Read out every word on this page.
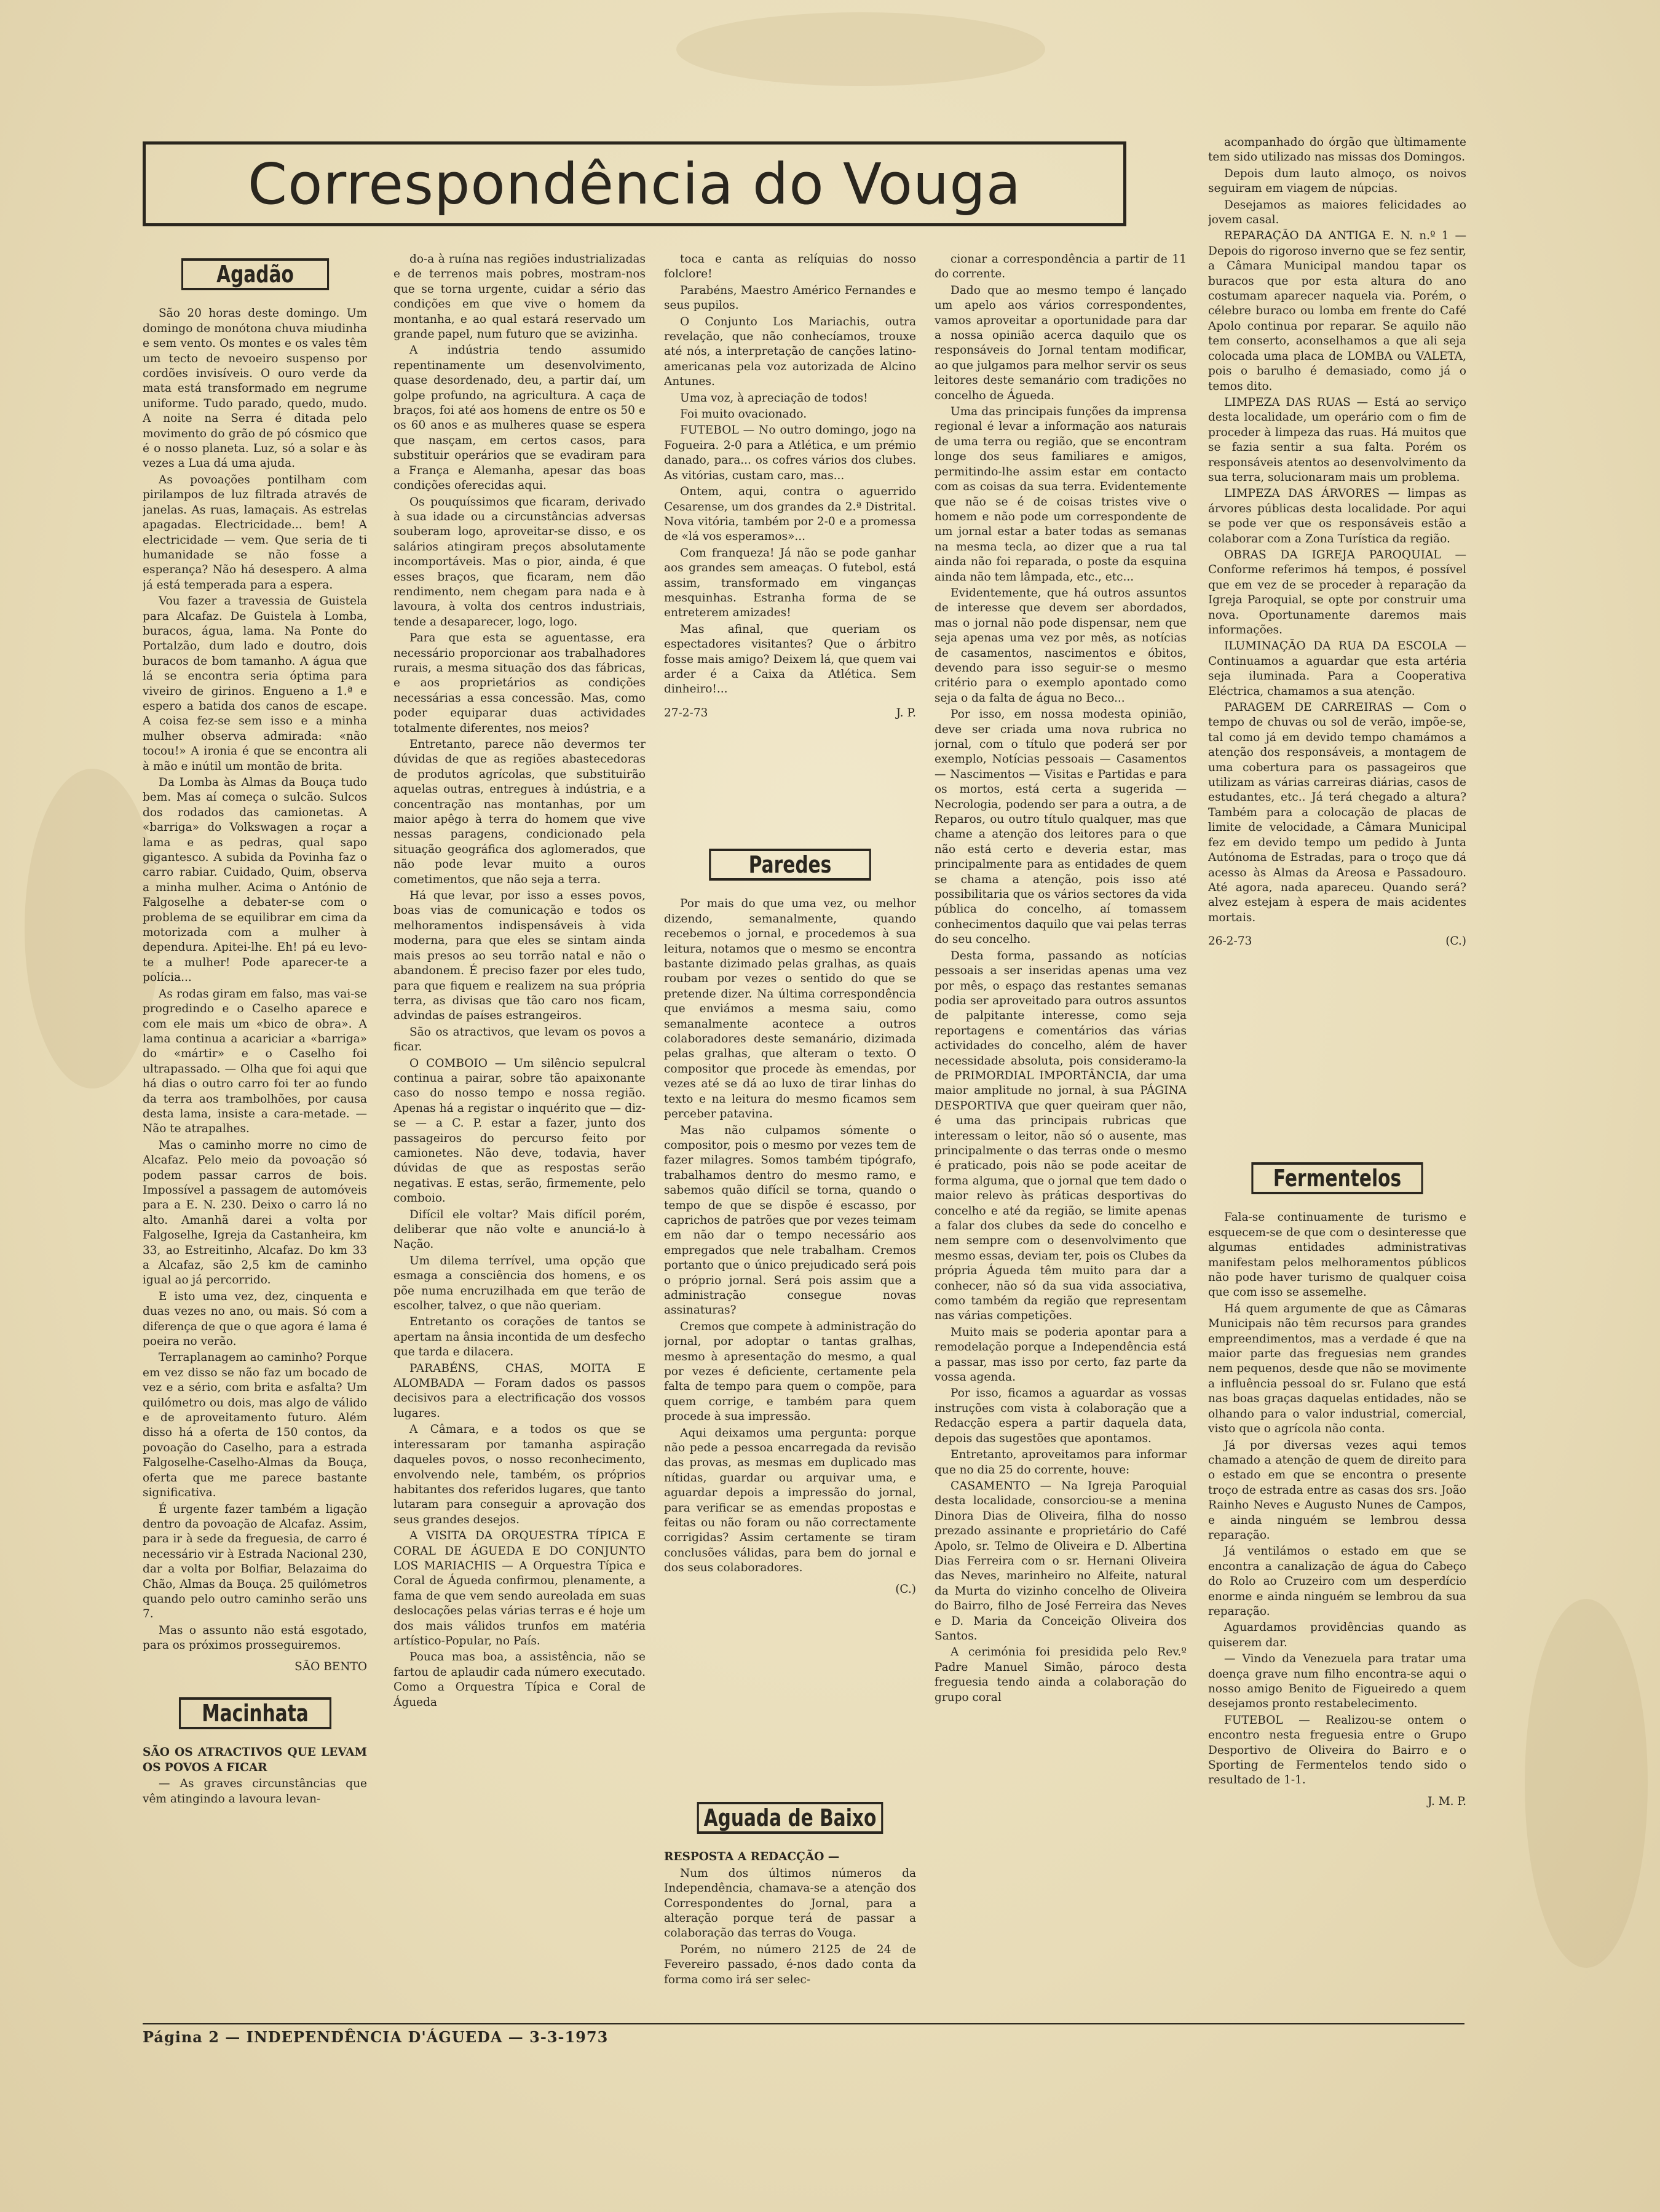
Correspondência do Vouga
Agadão

São 20 horas deste domingo. Um domingo de monótona chuva miudinha e sem vento. Os montes e os vales têm um tecto de nevoeiro suspenso por cordões invisíveis. O ouro verde da mata está transformado em negrume uniforme. Tudo parado, quedo, mudo. A noite na Serra é ditada pelo movimento do grão de pó cósmico que é o nosso planeta. Luz, só a solar e às vezes a Lua dá uma ajuda.

As povoações pontilham com pirilampos de luz filtrada através de janelas. As ruas, lamaçais. As estrelas apagadas. Electricidade... bem! A electricidade — vem. Que seria de ti humanidade se não fosse a esperança? Não há desespero. A alma já está temperada para a espera.

Vou fazer a travessia de Guistela para Alcafaz. De Guistela à Lomba, buracos, água, lama. Na Ponte do Portalzão, dum lado e doutro, dois buracos de bom tamanho. A água que lá se encontra seria óptima para viveiro de girinos. Engueno a 1.ª e espero a batida dos canos de escape. A coisa fez-se sem isso e a minha mulher observa admirada: «não tocou!» A ironia é que se encontra ali à mão e inútil um montão de brita.

Da Lomba às Almas da Bouça tudo bem. Mas aí começa o sulcão. Sulcos dos rodados das camionetas. A «barriga» do Volkswagen a roçar a lama e as pedras, qual sapo gigantesco. A subida da Povinha faz o carro rabiar. Cuidado, Quim, observa a minha mulher. Acima o António de Falgoselhe a debater-se com o problema de se equilibrar em cima da motorizada com a mulher à dependura. Apitei-lhe. Eh! pá eu levo-te a mulher! Pode aparecer-te a polícia...

As rodas giram em falso, mas vai-se progredindo e o Caselho aparece e com ele mais um «bico de obra». A lama continua a acariciar a «barriga» do «mártir» e o Caselho foi ultrapassado. — Olha que foi aqui que há dias o outro carro foi ter ao fundo da terra aos trambolhões, por causa desta lama, insiste a cara-metade. — Não te atrapalhes.

Mas o caminho morre no cimo de Alcafaz. Pelo meio da povoação só podem passar carros de bois. Impossível a passagem de automóveis para a E. N. 230. Deixo o carro lá no alto. Amanhã darei a volta por Falgoselhe, Igreja da Castanheira, km 33, ao Estreitinho, Alcafaz. Do km 33 a Alcafaz, são 2,5 km de caminho igual ao já percorrido.

E isto uma vez, dez, cinquenta e duas vezes no ano, ou mais. Só com a diferença de que o que agora é lama é poeira no verão.

Terraplanagem ao caminho? Porque em vez disso se não faz um bocado de vez e a sério, com brita e asfalta? Um quilómetro ou dois, mas algo de válido e de aproveitamento futuro. Além disso há a oferta de 150 contos, da povoação do Caselho, para a estrada Falgoselhe-Caselho-Almas da Bouça, oferta que me parece bastante significativa.

É urgente fazer também a ligação dentro da povoação de Alcafaz. Assim, para ir à sede da freguesia, de carro é necessário vir à Estrada Nacional 230, dar a volta por Bolfiar, Belazaima do Chão, Almas da Bouça. 25 quilómetros quando pelo outro caminho serão uns 7.

Mas o assunto não está esgotado, para os próximos prosseguiremos.

SÃO BENTO

Macinhata

SÃO OS ATRACTIVOS QUE LEVAM OS POVOS A FICAR

— As graves circunstâncias que vêm atingindo a lavoura levan-

do-a à ruína nas regiões industrializadas e de terrenos mais pobres, mostram-nos que se torna urgente, cuidar a sério das condições em que vive o homem da montanha, e ao qual estará reservado um grande papel, num futuro que se avizinha.

A indústria tendo assumido repentinamente um desenvolvimento, quase desordenado, deu, a partir daí, um golpe profundo, na agricultura. A caça de braços, foi até aos homens de entre os 50 e os 60 anos e as mulheres quase se espera que nasçam, em certos casos, para substituir operários que se evadiram para a França e Alemanha, apesar das boas condições oferecidas aqui.

Os pouquíssimos que ficaram, derivado à sua idade ou a circunstâncias adversas souberam logo, aproveitar-se disso, e os salários atingiram preços absolutamente incomportáveis. Mas o pior, ainda, é que esses braços, que ficaram, nem dão rendimento, nem chegam para nada e à lavoura, à volta dos centros industriais, tende a desaparecer, logo, logo.

Para que esta se aguentasse, era necessário proporcionar aos trabalhadores rurais, a mesma situação dos das fábricas, e aos proprietários as condições necessárias a essa concessão. Mas, como poder equiparar duas actividades totalmente diferentes, nos meios?

Entretanto, parece não devermos ter dúvidas de que as regiões abastecedoras de produtos agrícolas, que substituirão aquelas outras, entregues à indústria, e a concentração nas montanhas, por um maior apêgo à terra do homem que vive nessas paragens, condicionado pela situação geográfica dos aglomerados, que não pode levar muito a ouros cometimentos, que não seja a terra.

Há que levar, por isso a esses povos, boas vias de comunicação e todos os melhoramentos indispensáveis à vida moderna, para que eles se sintam ainda mais presos ao seu torrão natal e não o abandonem. É preciso fazer por eles tudo, para que fiquem e realizem na sua própria terra, as divisas que tão caro nos ficam, advindas de países estrangeiros.

São os atractivos, que levam os povos a ficar.

O COMBOIO — Um silêncio sepulcral continua a pairar, sobre tão apaixonante caso do nosso tempo e nossa região. Apenas há a registar o inquérito que — diz-se — a C. P. estar a fazer, junto dos passageiros do percurso feito por camionetes. Não deve, todavia, haver dúvidas de que as respostas serão negativas. E estas, serão, firmemente, pelo comboio.

Difícil ele voltar? Mais difícil porém, deliberar que não volte e anunciá-lo à Nação.

Um dilema terrível, uma opção que esmaga a consciência dos homens, e os põe numa encruzilhada em que terão de escolher, talvez, o que não queriam.

Entretanto os corações de tantos se apertam na ânsia incontida de um desfecho que tarda e dilacera.

PARABÉNS, CHAS, MOITA E ALOMBADA — Foram dados os passos decisivos para a electrificação dos vossos lugares.

A Câmara, e a todos os que se interessaram por tamanha aspiração daqueles povos, o nosso reconhecimento, envolvendo nele, também, os próprios habitantes dos referidos lugares, que tanto lutaram para conseguir a aprovação dos seus grandes desejos.

A VISITA DA ORQUESTRA TÍPICA E CORAL DE ÁGUEDA E DO CONJUNTO LOS MARIACHIS — A Orquestra Típica e Coral de Águeda confirmou, plenamente, a fama de que vem sendo aureolada em suas deslocações pelas várias terras e é hoje um dos mais válidos trunfos em matéria artístico-Popular, no País.

Pouca mas boa, a assistência, não se fartou de aplaudir cada número executado. Como a Orquestra Típica e Coral de Águeda

toca e canta as relíquias do nosso folclore!

Parabéns, Maestro Américo Fernandes e seus pupilos.

O Conjunto Los Mariachis, outra revelação, que não conhecíamos, trouxe até nós, a interpretação de canções latino-americanas pela voz autorizada de Alcino Antunes.

Uma voz, à apreciação de todos!

Foi muito ovacionado.

FUTEBOL — No outro domingo, jogo na Fogueira. 2-0 para a Atlética, e um prémio danado, para... os cofres vários dos clubes. As vitórias, custam caro, mas...

Ontem, aqui, contra o aguerrido Cesarense, um dos grandes da 2.ª Distrital. Nova vitória, também por 2-0 e a promessa de «lá vos esperamos»...

Com franqueza! Já não se pode ganhar aos grandes sem ameaças. O futebol, está assim, transformado em vinganças mesquinhas. Estranha forma de se entreterem amizades!

Mas afinal, que queriam os espectadores visitantes? Que o árbitro fosse mais amigo? Deixem lá, que quem vai arder é a Caixa da Atlética. Sem dinheiro!...

27-2-73	J. P.

Paredes

Por mais do que uma vez, ou melhor dizendo, semanalmente, quando recebemos o jornal, e procedemos à sua leitura, notamos que o mesmo se encontra bastante dizimado pelas gralhas, as quais roubam por vezes o sentido do que se pretende dizer. Na última correspondência que enviámos a mesma saiu, como semanalmente acontece a outros colaboradores deste semanário, dizimada pelas gralhas, que alteram o texto. O compositor que procede às emendas, por vezes até se dá ao luxo de tirar linhas do texto e na leitura do mesmo ficamos sem perceber patavina.

Mas não culpamos sómente o compositor, pois o mesmo por vezes tem de fazer milagres. Somos também tipógrafo, trabalhamos dentro do mesmo ramo, e sabemos quão difícil se torna, quando o tempo de que se dispõe é escasso, por caprichos de patrões que por vezes teimam em não dar o tempo necessário aos empregados que nele trabalham. Cremos portanto que o único prejudicado será pois o próprio jornal. Será pois assim que a administração consegue novas assinaturas?

Cremos que compete à administração do jornal, por adoptar o tantas gralhas, mesmo à apresentação do mesmo, a qual por vezes é deficiente, certamente pela falta de tempo para quem o compõe, para quem corrige, e também para quem procede à sua impressão.

Aqui deixamos uma pergunta: porque não pede a pessoa encarregada da revisão das provas, as mesmas em duplicado mas nítidas, guardar ou arquivar uma, e aguardar depois a impressão do jornal, para verificar se as emendas propostas e feitas ou não foram ou não correctamente corrigidas? Assim certamente se tiram conclusões válidas, para bem do jornal e dos seus colaboradores.

(C.)

Aguada de Baixo

RESPOSTA A REDACÇÃO —

Num dos últimos números da Independência, chamava-se a atenção dos Correspondentes do Jornal, para a alteração porque terá de passar a colaboração das terras do Vouga.

Porém, no número 2125 de 24 de Fevereiro passado, é-nos dado conta da forma como irá ser selec-

cionar a correspondência a partir de 11 do corrente.

Dado que ao mesmo tempo é lançado um apelo aos vários correspondentes, vamos aproveitar a oportunidade para dar a nossa opinião acerca daquilo que os responsáveis do Jornal tentam modificar, ao que julgamos para melhor servir os seus leitores deste semanário com tradições no concelho de Águeda.

Uma das principais funções da imprensa regional é levar a informação aos naturais de uma terra ou região, que se encontram longe dos seus familiares e amigos, permitindo-lhe assim estar em contacto com as coisas da sua terra. Evidentemente que não se é de coisas tristes vive o homem e não pode um correspondente de um jornal estar a bater todas as semanas na mesma tecla, ao dizer que a rua tal ainda não foi reparada, o poste da esquina ainda não tem lâmpada, etc., etc...

Evidentemente, que há outros assuntos de interesse que devem ser abordados, mas o jornal não pode dispensar, nem que seja apenas uma vez por mês, as notícias de casamentos, nascimentos e óbitos, devendo para isso seguir-se o mesmo critério para o exemplo apontado como seja o da falta de água no Beco...

Por isso, em nossa modesta opinião, deve ser criada uma nova rubrica no jornal, com o título que poderá ser por exemplo, Notícias pessoais — Casamentos — Nascimentos — Visitas e Partidas e para os mortos, está certa a sugerida — Necrologia, podendo ser para a outra, a de Reparos, ou outro título qualquer, mas que chame a atenção dos leitores para o que não está certo e deveria estar, mas principalmente para as entidades de quem se chama a atenção, pois isso até possibilitaria que os vários sectores da vida pública do concelho, aí tomassem conhecimentos daquilo que vai pelas terras do seu concelho.

Desta forma, passando as notícias pessoais a ser inseridas apenas uma vez por mês, o espaço das restantes semanas podia ser aproveitado para outros assuntos de palpitante interesse, como seja reportagens e comentários das várias actividades do concelho, além de haver necessidade absoluta, pois consideramo-la de PRIMORDIAL IMPORTÂNCIA, dar uma maior amplitude no jornal, à sua PÁGINA DESPORTIVA que quer queiram quer não, é uma das principais rubricas que interessam o leitor, não só o ausente, mas principalmente o das terras onde o mesmo é praticado, pois não se pode aceitar de forma alguma, que o jornal que tem dado o maior relevo às práticas desportivas do concelho e até da região, se limite apenas a falar dos clubes da sede do concelho e nem sempre com o desenvolvimento que mesmo essas, deviam ter, pois os Clubes da própria Águeda têm muito para dar a conhecer, não só da sua vida associativa, como também da região que representam nas várias competições.

Muito mais se poderia apontar para a remodelação porque a Independência está a passar, mas isso por certo, faz parte da vossa agenda.

Por isso, ficamos a aguardar as vossas instruções com vista à colaboração que a Redacção espera a partir daquela data, depois das sugestões que apontamos.

Entretanto, aproveitamos para informar que no dia 25 do corrente, houve:

CASAMENTO — Na Igreja Paroquial desta localidade, consorciou-se a menina Dinora Dias de Oliveira, filha do nosso prezado assinante e proprietário do Café Apolo, sr. Telmo de Oliveira e D. Albertina Dias Ferreira com o sr. Hernani Oliveira das Neves, marinheiro no Alfeite, natural da Murta do vizinho concelho de Oliveira do Bairro, filho de José Ferreira das Neves e D. Maria da Conceição Oliveira dos Santos.

A cerimónia foi presidida pelo Rev.º Padre Manuel Simão, pároco desta freguesia tendo ainda a colaboração do grupo coral

acompanhado do órgão que ùltimamente tem sido utilizado nas missas dos Domingos.

Depois dum lauto almoço, os noivos seguiram em viagem de núpcias.

Desejamos as maiores felicidades ao jovem casal.

REPARAÇÃO DA ANTIGA E. N. n.º 1 — Depois do rigoroso inverno que se fez sentir, a Câmara Municipal mandou tapar os buracos que por esta altura do ano costumam aparecer naquela via. Porém, o célebre buraco ou lomba em frente do Café Apolo continua por reparar. Se aquilo não tem conserto, aconselhamos a que ali seja colocada uma placa de LOMBA ou VALETA, pois o barulho é demasiado, como já o temos dito.

LIMPEZA DAS RUAS — Está ao serviço desta localidade, um operário com o fim de proceder à limpeza das ruas. Há muitos que se fazia sentir a sua falta. Porém os responsáveis atentos ao desenvolvimento da sua terra, solucionaram mais um problema.

LIMPEZA DAS ÁRVORES — limpas as árvores públicas desta localidade. Por aqui se pode ver que os responsáveis estão a colaborar com a Zona Turística da região.

OBRAS DA IGREJA PAROQUIAL — Conforme referimos há tempos, é possível que em vez de se proceder à reparação da Igreja Paroquial, se opte por construir uma nova. Oportunamente daremos mais informações.

ILUMINAÇÃO DA RUA DA ESCOLA — Continuamos a aguardar que esta artéria seja iluminada. Para a Cooperativa Eléctrica, chamamos a sua atenção.

PARAGEM DE CARREIRAS — Com o tempo de chuvas ou sol de verão, impõe-se, tal como já em devido tempo chamámos a atenção dos responsáveis, a montagem de uma cobertura para os passageiros que utilizam as várias carreiras diárias, casos de estudantes, etc.. Já terá chegado a altura? Também para a colocação de placas de limite de velocidade, a Câmara Municipal fez em devido tempo um pedido à Junta Autónoma de Estradas, para o troço que dá acesso às Almas da Areosa e Passadouro. Até agora, nada apareceu. Quando será? alvez estejam à espera de mais acidentes mortais.

26-2-73	(C.)

Fermentelos

Fala-se continuamente de turismo e esquecem-se de que com o desinteresse que algumas entidades administrativas manifestam pelos melhoramentos públicos não pode haver turismo de qualquer coisa que com isso se assemelhe.

Há quem argumente de que as Câmaras Municipais não têm recursos para grandes empreendimentos, mas a verdade é que na maior parte das freguesias nem grandes nem pequenos, desde que não se movimente a influência pessoal do sr. Fulano que está nas boas graças daquelas entidades, não se olhando para o valor industrial, comercial, visto que o agrícola não conta.

Já por diversas vezes aqui temos chamado a atenção de quem de direito para o estado em que se encontra o presente troço de estrada entre as casas dos srs. João Rainho Neves e Augusto Nunes de Campos, e ainda ninguém se lembrou dessa reparação.

Já ventilámos o estado em que se encontra a canalização de água do Cabeço do Rolo ao Cruzeiro com um desperdício enorme e ainda ninguém se lembrou da sua reparação.

Aguardamos providências quando as quiserem dar.

— Vindo da Venezuela para tratar uma doença grave num filho encontra-se aqui o nosso amigo Benito de Figueiredo a quem desejamos pronto restabelecimento.

FUTEBOL — Realizou-se ontem o encontro nesta freguesia entre o Grupo Desportivo de Oliveira do Bairro e o Sporting de Fermentelos tendo sido o resultado de 1-1.

J. M. P.

Página 2 — INDEPENDÊNCIA D'ÁGUEDA — 3-3-1973
